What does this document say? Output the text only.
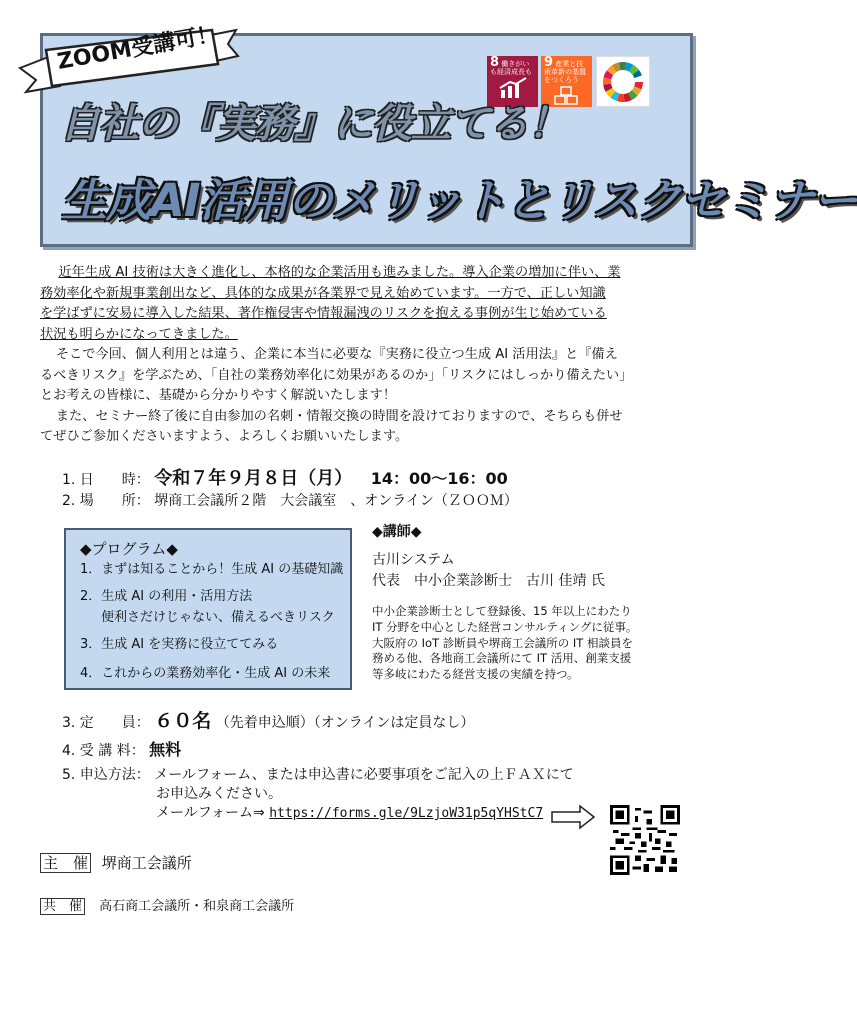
ZOOM受講可！	8 働きがいも経済成長も
9 産業と技術革新の基盤をつくろう
自社の『実務』に役立てる！
生成AI活用のメリットとリスクセミナー
近年生成 AI 技術は大きく進化し、本格的な企業活用も進みました。導入企業の増加に伴い、業
務効率化や新規事業創出など、具体的な成果が各業界で見え始めています。一方で、正しい知識
を学ばずに安易に導入した結果、著作権侵害や情報漏洩のリスクを抱える事例が生じ始めている
状況も明らかになってきました。
そこで今回、個人利用とは違う、企業に本当に必要な『実務に役立つ生成 AI 活用法』と『備え
るべきリスク』を学ぶため、「自社の業務効率化に効果があるのか」「リスクにはしっかり備えたい」
とお考えの皆様に、基礎から分かりやすく解説いたします！
また、セミナー終了後に自由参加の名刺・情報交換の時間を設けておりますので、そちらも併せ
てぜひご参加くださいますよう、よろしくお願いいたします。
1. 日　　時： 令和７年９月８日（月） 14：00〜16：00
2. 場　　所： 堺商工会議所２階　大会議室　、オンライン（ＺＯＯＭ）
◆プログラム◆
1．まずは知ることから！生成 AI の基礎知識
2．生成 AI の利用・活用方法
便利さだけじゃない、備えるべきリスク
3．生成 AI を実務に役立ててみる
4．これからの業務効率化・生成 AI の未来
◆講師◆
古川システム
代表　中小企業診断士　古川 佳靖 氏
中小企業診断士として登録後、15 年以上にわたり
IT 分野を中心とした経営コンサルティングに従事。
大阪府の IoT 診断員や堺商工会議所の IT 相談員を
務める他、各地商工会議所にて IT 活用、創業支援
等多岐にわたる経営支援の実績を持つ。
3. 定　　員： ６０名 （先着申込順）（オンラインは定員なし）
4. 受 講 料： 無料
5. 申込方法： メールフォーム、または申込書に必要事項をご記入の上ＦＡＸにて
お申込みください。
メールフォーム⇒ https://forms.gle/9LzjoW31p5qYHStC7
主　催 堺商工会議所
共　催 高石商工会議所・和泉商工会議所
